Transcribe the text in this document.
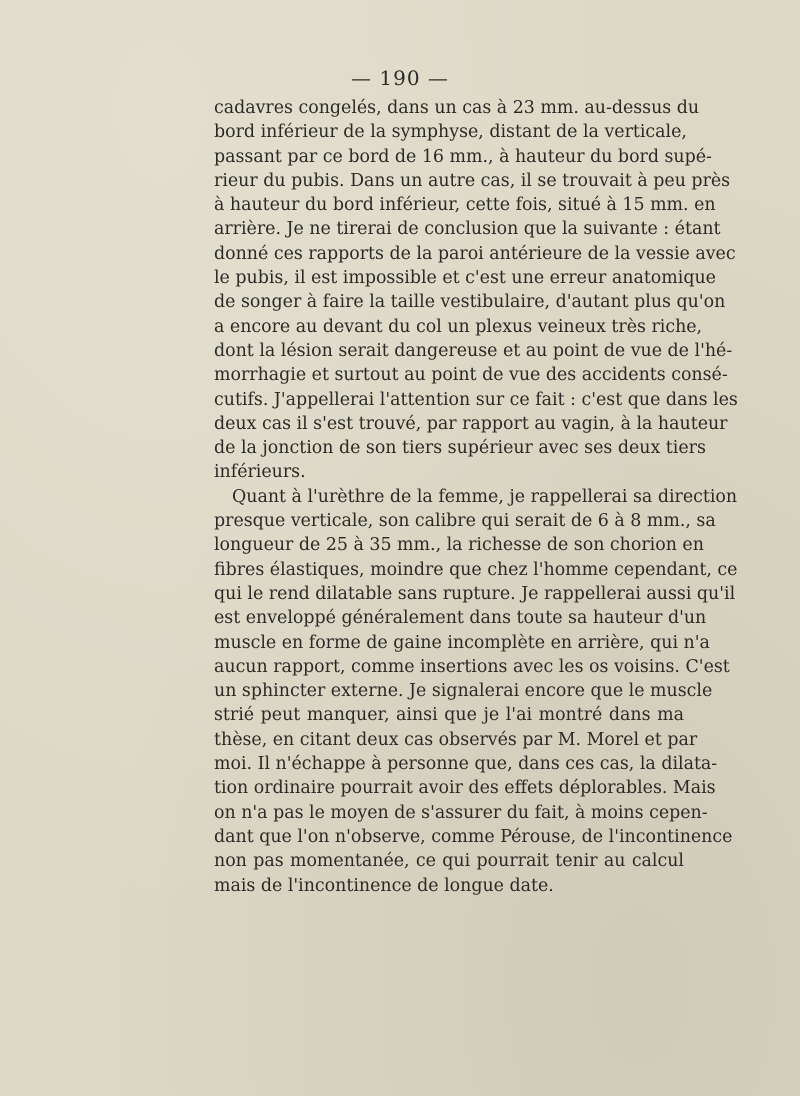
— 190 —
cadavres congelés, dans un cas à 23 mm. au-dessus du
bord inférieur de la symphyse, distant de la verticale,
passant par ce bord de 16 mm., à hauteur du bord supé-
rieur du pubis. Dans un autre cas, il se trouvait à peu près
à hauteur du bord inférieur, cette fois, situé à 15 mm. en
arrière. Je ne tirerai de conclusion que la suivante : étant
donné ces rapports de la paroi antérieure de la vessie avec
le pubis, il est impossible et c'est une erreur anatomique
de songer à faire la taille vestibulaire, d'autant plus qu'on
a encore au devant du col un plexus veineux très riche,
dont la lésion serait dangereuse et au point de vue de l'hé-
morrhagie et surtout au point de vue des accidents consé-
cutifs. J'appellerai l'attention sur ce fait : c'est que dans les
deux cas il s'est trouvé, par rapport au vagin, à la hauteur
de la jonction de son tiers supérieur avec ses deux tiers
inférieurs.
Quant à l'urèthre de la femme, je rappellerai sa direction
presque verticale, son calibre qui serait de 6 à 8 mm., sa
longueur de 25 à 35 mm., la richesse de son chorion en
fibres élastiques, moindre que chez l'homme cependant, ce
qui le rend dilatable sans rupture. Je rappellerai aussi qu'il
est enveloppé généralement dans toute sa hauteur d'un
muscle en forme de gaine incomplète en arrière, qui n'a
aucun rapport, comme insertions avec les os voisins. C'est
un sphincter externe. Je signalerai encore que le muscle
strié peut manquer, ainsi que je l'ai montré dans ma
thèse, en citant deux cas observés par M. Morel et par
moi. Il n'échappe à personne que, dans ces cas, la dilata-
tion ordinaire pourrait avoir des effets déplorables. Mais
on n'a pas le moyen de s'assurer du fait, à moins cepen-
dant que l'on n'observe, comme Pérouse, de l'incontinence
non pas momentanée, ce qui pourrait tenir au calcul
mais de l'incontinence de longue date.
